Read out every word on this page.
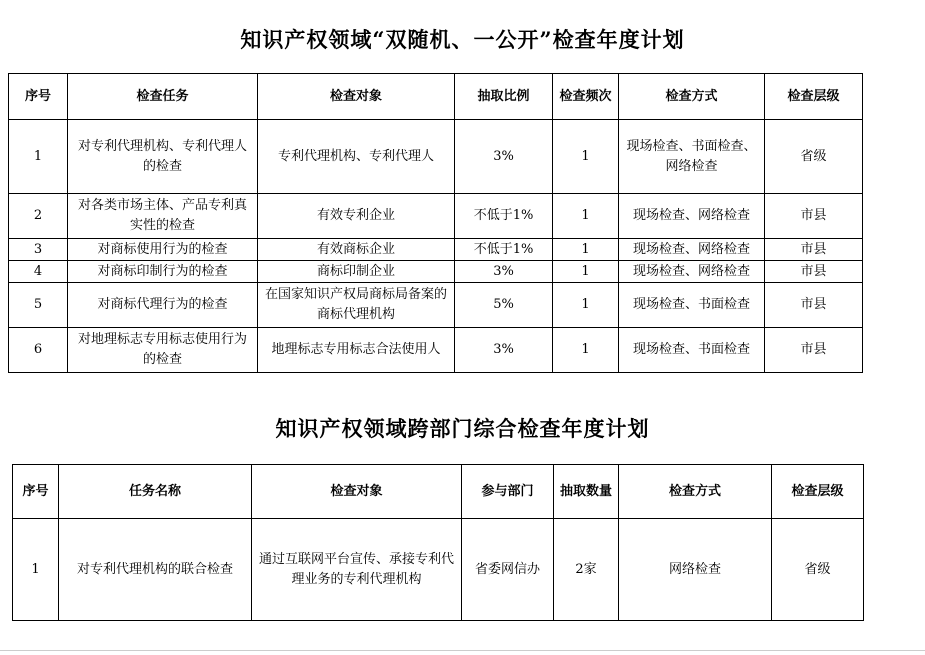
知识产权领域“双随机、一公开”检查年度计划
序号	检查任务	检查对象	抽取比例	检查频次	检查方式	检查层级
1	对专利代理机构、专利代理人的检查	专利代理机构、专利代理人	3%	1	现场检查、书面检查、网络检查	省级
2	对各类市场主体、产品专利真实性的检查	有效专利企业	不低于1%	1	现场检查、网络检查	市县
3	对商标使用行为的检查	有效商标企业	不低于1%	1	现场检查、网络检查	市县
4	对商标印制行为的检查	商标印制企业	3%	1	现场检查、网络检查	市县
5	对商标代理行为的检查	在国家知识产权局商标局备案的商标代理机构	5%	1	现场检查、书面检查	市县
6	对地理标志专用标志使用行为的检查	地理标志专用标志合法使用人	3%	1	现场检查、书面检查	市县
知识产权领域跨部门综合检查年度计划
序号	任务名称	检查对象	参与部门	抽取数量	检查方式	检查层级
1	对专利代理机构的联合检查	通过互联网平台宣传、承接专利代理业务的专利代理机构	省委网信办	2家	网络检查	省级
